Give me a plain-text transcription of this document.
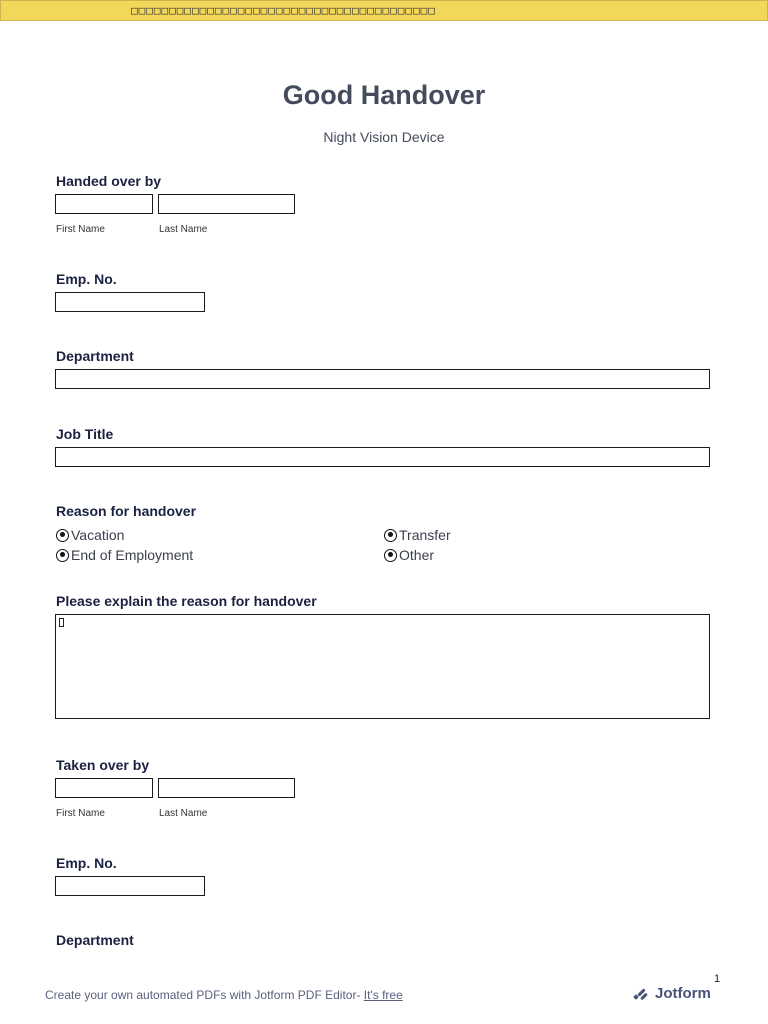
□□□□□□□□□□□□□□□□□□□□□□□□□□□□□□□□□□□□□□□□
Good Handover
Night Vision Device
Handed over by
First Name	Last Name
Emp. No.
Department
Job Title
Reason for handover
Vacation	Transfer
End of Employment	Other
Please explain the reason for handover
Taken over by
First Name	Last Name
Emp. No.
Department
1
Create your own automated PDFs with Jotform PDF Editor- It's free	Jotform
